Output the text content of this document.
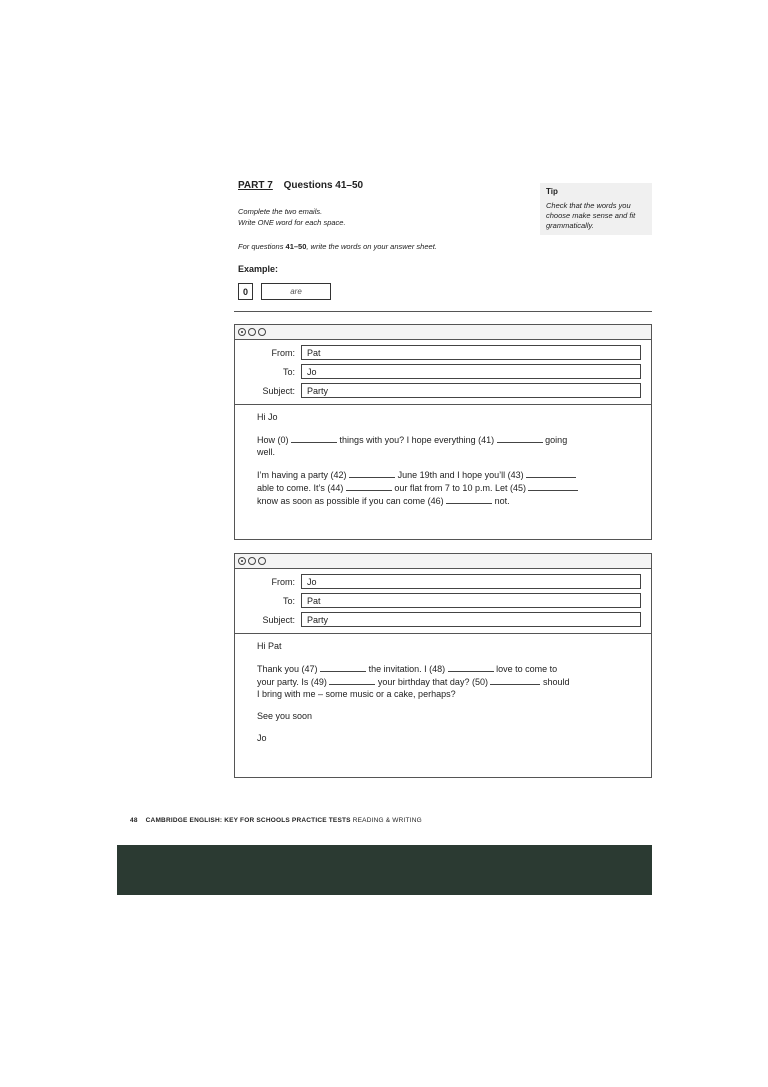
PART 7 Questions 41–50
Complete the two emails.
Write ONE word for each space.
For questions 41–50, write the words on your answer sheet.
Example:
0	are
Tip
Check that the words you choose make sense and fit grammatically.
From:	Pat
To:	Jo
Subject:	Party

Hi Jo

How (0)	things with you? I hope everything (41)	going
well.

I’m having a party (42)	June 19th and I hope you’ll (43)
able to come. It’s (44)	our flat from 7 to 10 p.m. Let (45)
know as soon as possible if you can come (46)	not.

From:	Jo
To:	Pat
Subject:	Party

Hi Pat

Thank you (47)	the invitation. I (48)	love to come to
your party. Is (49)	your birthday that day? (50)	should
I bring with me – some music or a cake, perhaps?

See you soon

Jo

48 CAMBRIDGE ENGLISH: KEY FOR SCHOOLS PRACTICE TESTS READING & WRITING
